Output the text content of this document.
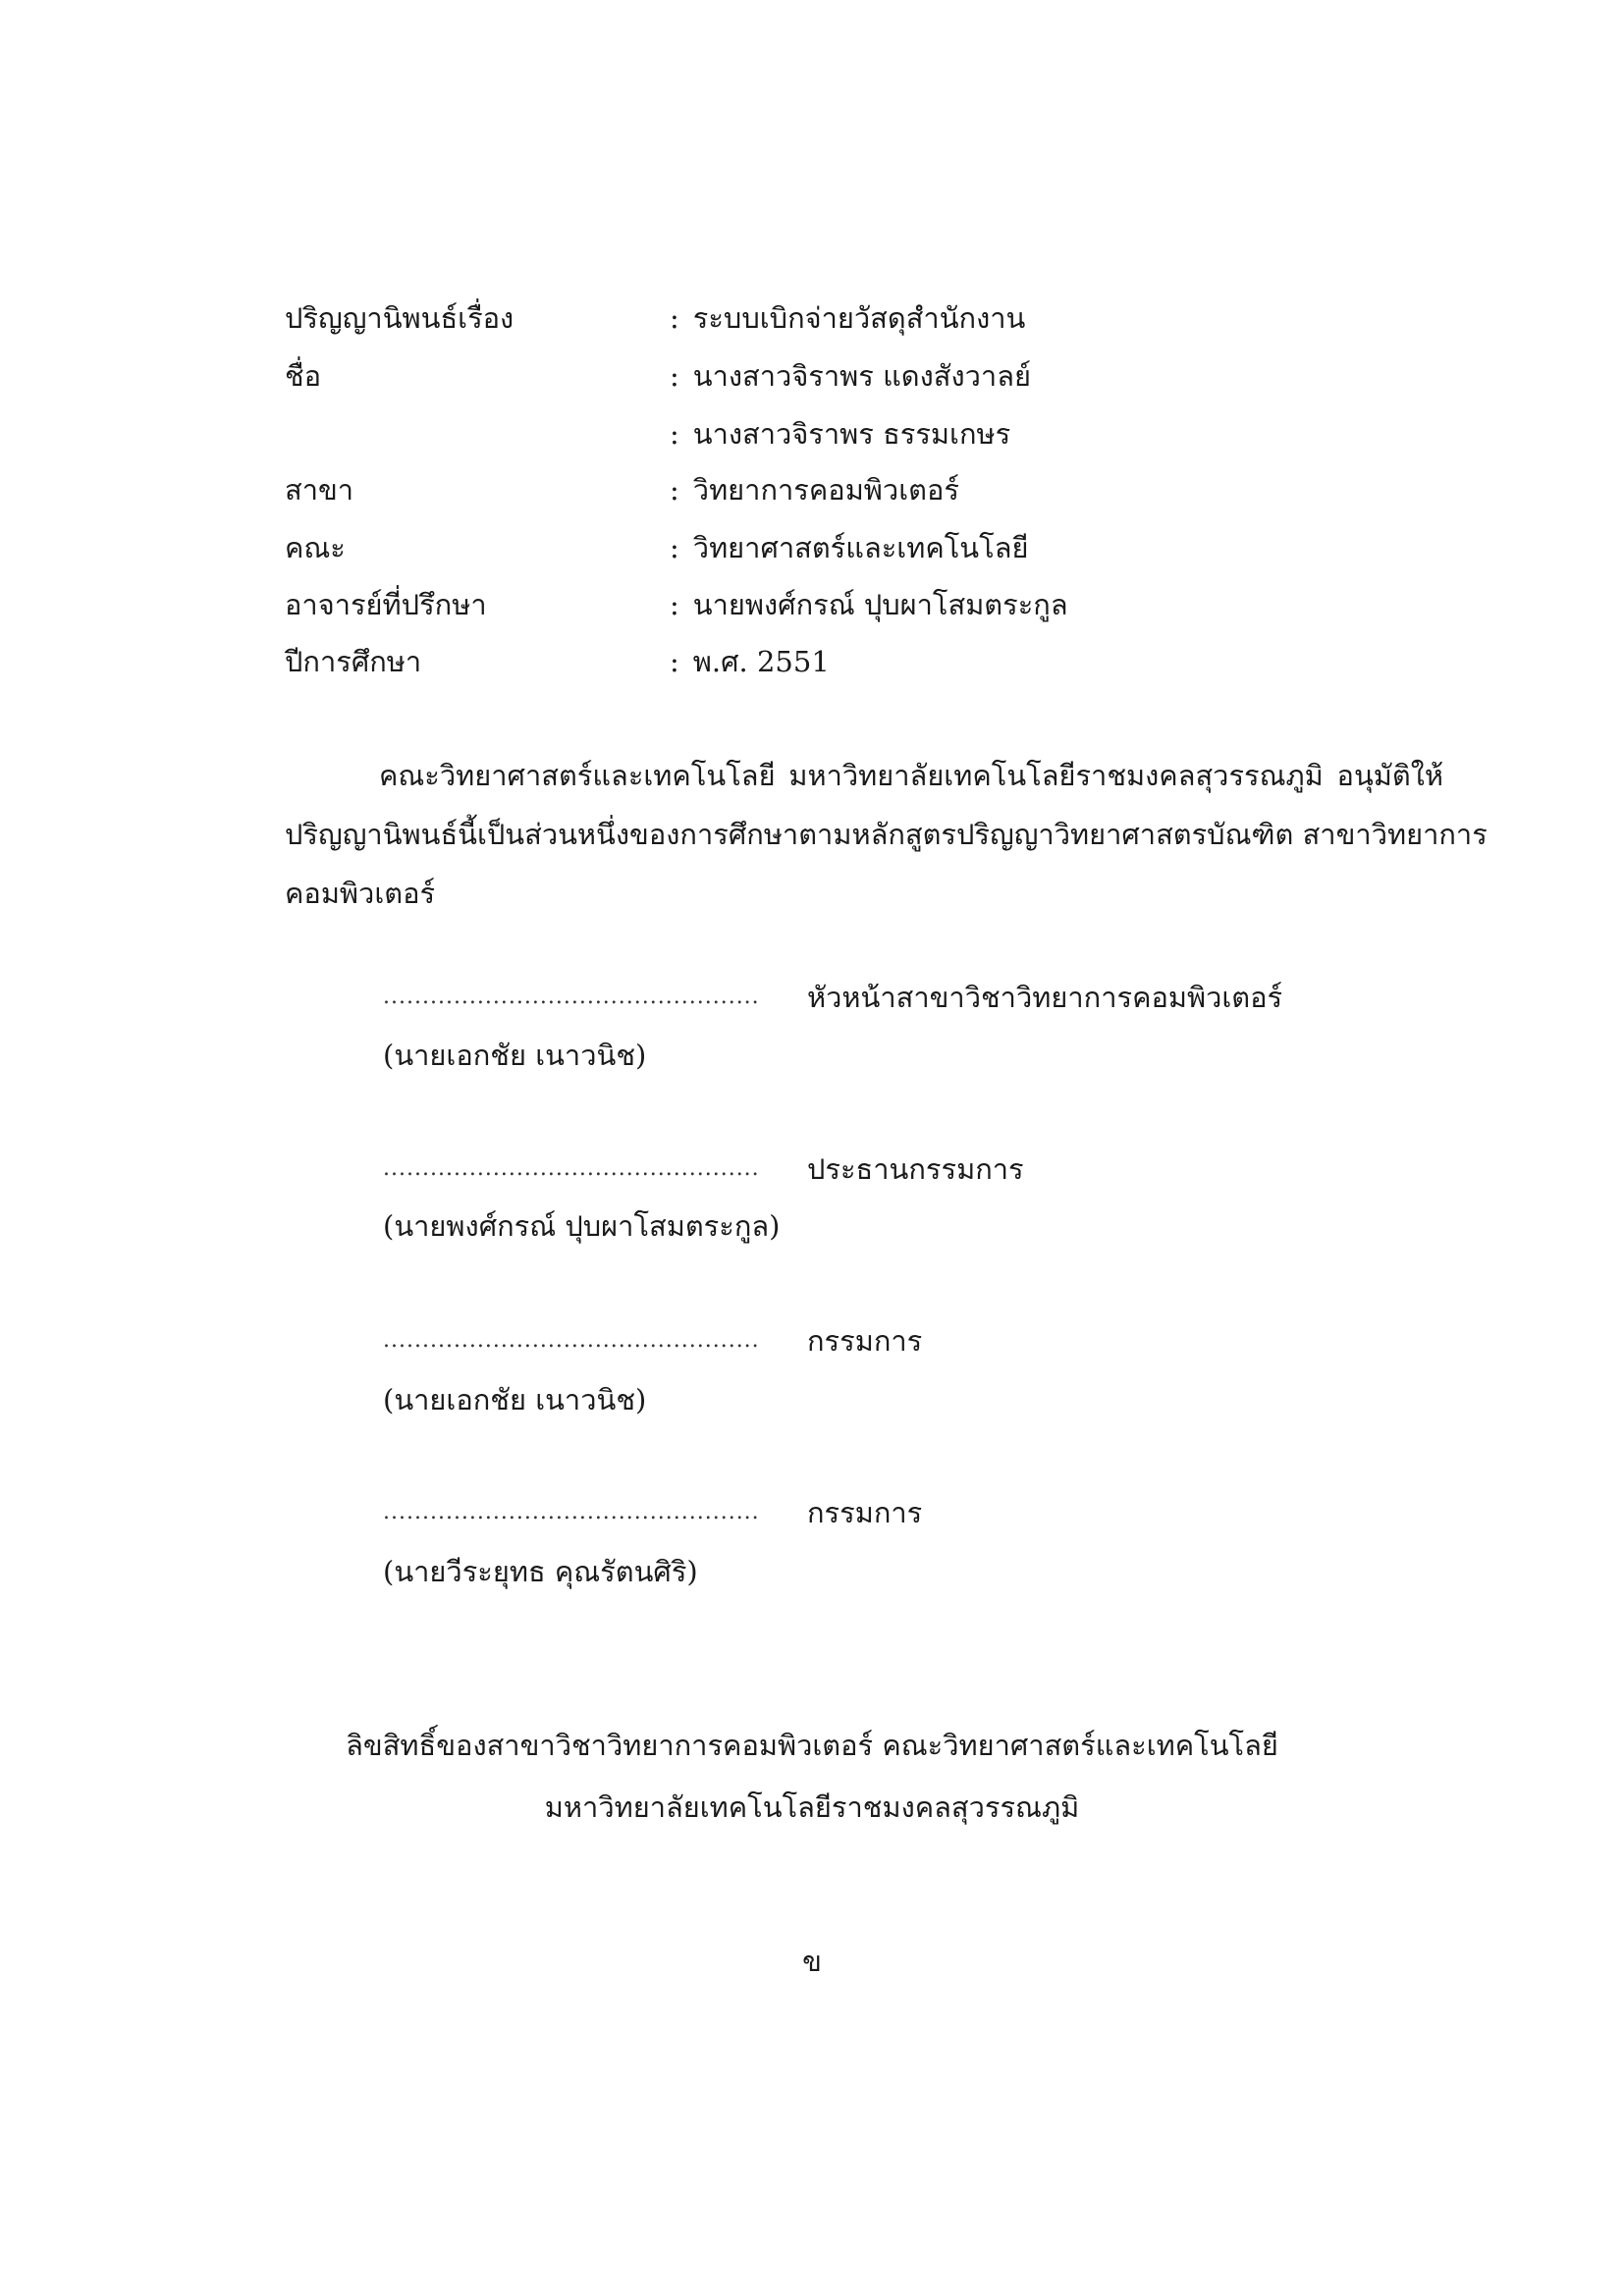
ปริญญานิพนธ์เรื่อง	: ระบบเบิกจ่ายวัสดุสำนักงาน
ชื่อ	: นางสาวจิราพร แดงสังวาลย์
: นางสาวจิราพร ธรรมเกษร
สาขา	: วิทยาการคอมพิวเตอร์
คณะ	: วิทยาศาสตร์และเทคโนโลยี
อาจารย์ที่ปรึกษา	: นายพงศ์กรณ์ ปุบผาโสมตระกูล
ปีการศึกษา	: พ.ศ. 2551

คณะวิทยาศาสตร์และเทคโนโลยี มหาวิทยาลัยเทคโนโลยีราชมงคลสุวรรณภูมิ อนุมัติให้

ปริญญานิพนธ์นี้เป็นส่วนหนึ่งของการศึกษาตามหลักสูตรปริญญาวิทยาศาสตรบัณฑิต สาขาวิทยาการ

คอมพิวเตอร์

................................................ หัวหน้าสาขาวิชาวิทยาการคอมพิวเตอร์
(นายเอกชัย เนาวนิช)
................................................ ประธานกรรมการ
(นายพงศ์กรณ์ ปุบผาโสมตระกูล)
................................................ กรรมการ
(นายเอกชัย เนาวนิช)
................................................ กรรมการ
(นายวีระยุทธ คุณรัตนศิริ)
ลิขสิทธิ์ของสาขาวิชาวิทยาการคอมพิวเตอร์ คณะวิทยาศาสตร์และเทคโนโลยี
มหาวิทยาลัยเทคโนโลยีราชมงคลสุวรรณภูมิ
ข
